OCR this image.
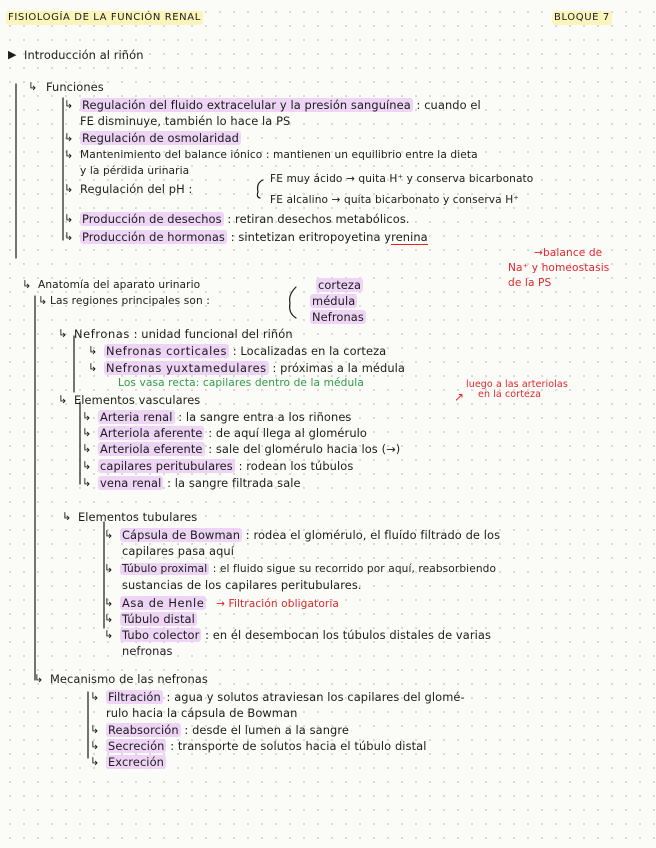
FISIOLOGÍA DE LA FUNCIÓN RENAL	BLOQUE 7
▶ Introducción al riñón
↳ Funciones
↳ Regulación del fluido extracelular y la presión sanguínea : cuando el
FE disminuye, también lo hace la PS
↳ Regulación de osmolaridad
↳ Mantenimiento del balance iónico : mantienen un equilibrio entre la dieta
y la pérdida urinaria
↳ Regulación del pH :
FE muy ácido → quita H⁺ y conserva bicarbonato
FE alcalino → quita bicarbonato y conserva H⁺
↳ Producción de desechos : retiran desechos metabólicos.
↳ Producción de hormonas : sintetizan eritropoyetina yrenina
→balance de
Na⁺ y homeostasis
de la PS
↳ Anatomía del aparato urinario
↳ Las regiones principales son :
corteza
médula
Nefronas
↳ Nefronas : unidad funcional del riñón
↳ Nefronas corticales : Localizadas en la corteza
↳ Nefronas yuxtamedulares : próximas a la médula
Los vasa recta: capilares dentro de la médula
↳ Elementos vasculares
luego a las arteriolas
en la corteza
↗
↳ Arteria renal : la sangre entra a los riñones
↳ Arteriola aferente : de aquí llega al glomérulo
↳ Arteriola eferente : sale del glomérulo hacia los (→)
↳ capilares peritubulares : rodean los túbulos
↳ vena renal : la sangre filtrada sale
↳ Elementos tubulares
↳ Cápsula de Bowman : rodea el glomérulo, el fluido filtrado de los
capilares pasa aquí
↳ Túbulo proximal : el fluido sigue su recorrido por aquí, reabsorbiendo
sustancias de los capilares peritubulares.
↳ Asa de Henle → Filtración obligatoria
↳ Túbulo distal
↳ Tubo colector : en él desembocan los túbulos distales de varias
nefronas
↳ Mecanismo de las nefronas
↳ Filtración : agua y solutos atraviesan los capilares del glomé-
rulo hacia la cápsula de Bowman
↳ Reabsorción : desde el lumen a la sangre
↳ Secreción : transporte de solutos hacia el túbulo distal
↳ Excreción
